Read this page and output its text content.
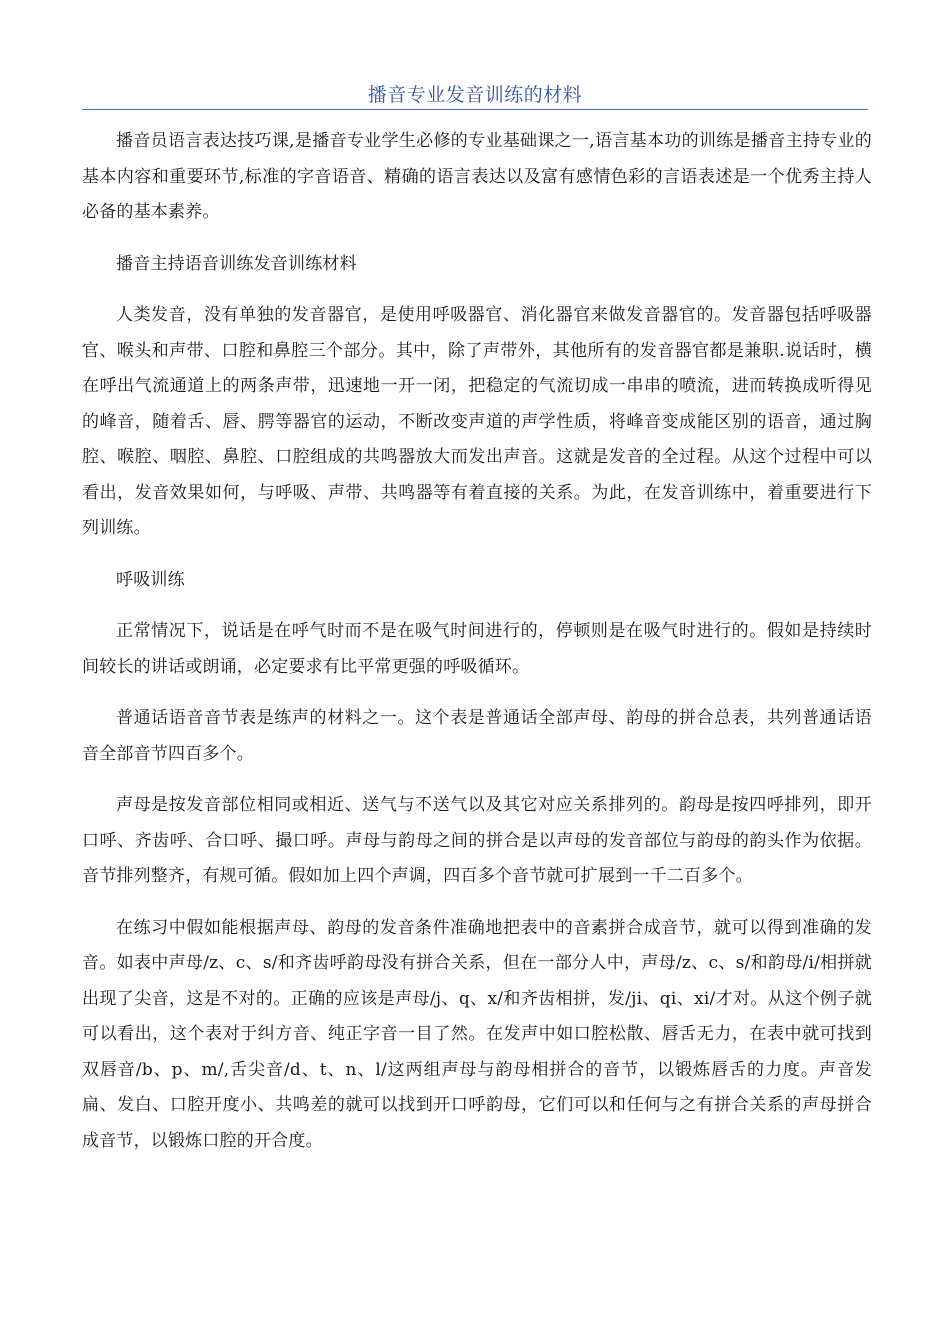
播音专业发音训练的材料

播音员语言表达技巧课,是播音专业学生必修的专业基础课之一,语言基本功的训练是播音主持专业的基本内容和重要环节,标准的字音语音、精确的语言表达以及富有感情色彩的言语表述是一个优秀主持人必备的基本素养。

播音主持语音训练发音训练材料

人类发音，没有单独的发音器官，是使用呼吸器官、消化器官来做发音器官的。发音器包括呼吸器官、喉头和声带、口腔和鼻腔三个部分。其中，除了声带外，其他所有的发音器官都是兼职.说话时，横在呼出气流通道上的两条声带，迅速地一开一闭，把稳定的气流切成一串串的喷流，进而转换成听得见的峰音，随着舌、唇、腭等器官的运动，不断改变声道的声学性质，将峰音变成能区别的语音，通过胸腔、喉腔、咽腔、鼻腔、口腔组成的共鸣器放大而发出声音。这就是发音的全过程。从这个过程中可以看出，发音效果如何，与呼吸、声带、共鸣器等有着直接的关系。为此，在发音训练中，着重要进行下列训练。

呼吸训练

正常情况下，说话是在呼气时而不是在吸气时间进行的，停顿则是在吸气时进行的。假如是持续时间较长的讲话或朗诵，必定要求有比平常更强的呼吸循环。

普通话语音音节表是练声的材料之一。这个表是普通话全部声母、韵母的拼合总表，共列普通话语音全部音节四百多个。

声母是按发音部位相同或相近、送气与不送气以及其它对应关系排列的。韵母是按四呼排列，即开口呼、齐齿呼、合口呼、撮口呼。声母与韵母之间的拼合是以声母的发音部位与韵母的韵头作为依据。音节排列整齐，有规可循。假如加上四个声调，四百多个音节就可扩展到一千二百多个。

在练习中假如能根据声母、韵母的发音条件准确地把表中的音素拼合成音节，就可以得到准确的发音。如表中声母/z、c、s/和齐齿呼韵母没有拼合关系，但在一部分人中，声母/z、c、s/和韵母/i/相拼就出现了尖音，这是不对的。正确的应该是声母/j、q、x/和齐齿相拼，发/ji、qi、xi/才对。从这个例子就可以看出，这个表对于纠方音、纯正字音一目了然。在发声中如口腔松散、唇舌无力，在表中就可找到双唇音/b、p、m/,舌尖音/d、t、n、l/这两组声母与韵母相拼合的音节，以锻炼唇舌的力度。声音发扁、发白、口腔开度小、共鸣差的就可以找到开口呼韵母，它们可以和任何与之有拼合关系的声母拼合成音节，以锻炼口腔的开合度。
